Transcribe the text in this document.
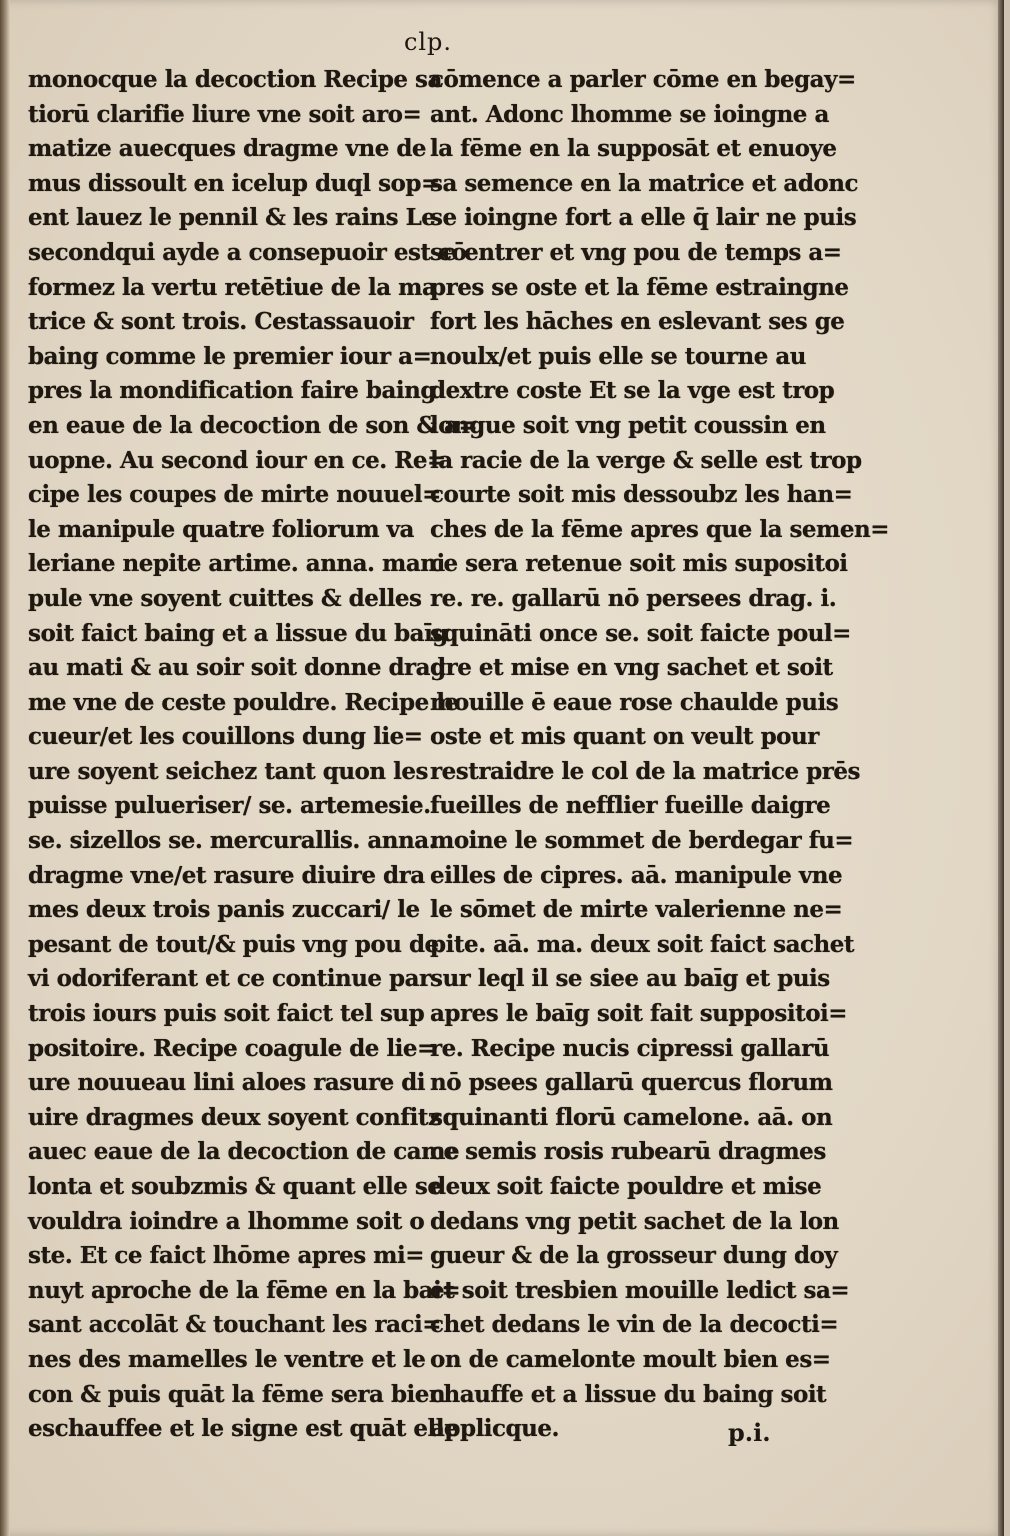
clp.
monocque la decoction Recipe sa
tiorū clarifie liure vne soit aro=
matize auecques dragme vne de
mus dissoult en icelup duql sop=
ent lauez le pennil & les rains Le
secondqui ayde a consepuoir est cō
formez la vertu retētiue de la ma
trice & sont trois. Cestassauoir
baing comme le premier iour a=
pres la mondification faire baing
en eaue de la decoction de son & a=
uopne. Au second iour en ce. Re=
cipe les coupes de mirte nouuel=
le manipule quatre foliorum va
leriane nepite artime. anna. mani
pule vne soyent cuittes & delles
soit faict baing et a lissue du baīg
au mati & au soir soit donne drag
me vne de ceste pouldre. Recipe le
cueur/et les couillons dung lie=
ure soyent seichez tant quon les
puisse pulueriser/ se. artemesie.
se. sizellos se. mercurallis. anna.
dragme vne/et rasure diuire dra
mes deux trois panis zuccari/ le
pesant de tout/& puis vng pou de
vi odoriferant et ce continue par
trois iours puis soit faict tel sup
positoire. Recipe coagule de lie=
ure nouueau lini aloes rasure di
uire dragmes deux soyent confitz
auec eaue de la decoction de came
lonta et soubzmis & quant elle se
vouldra ioindre a lhomme soit o
ste. Et ce faict lhōme apres mi=
nuyt aproche de la fēme en la bai=
sant accolāt & touchant les raci=
nes des mamelles le ventre et le
con & puis quāt la fēme sera bien
eschauffee et le signe est quāt elle
cōmence a parler cōme en begay=
ant. Adonc lhomme se ioingne a
la fēme en la supposāt et enuoye
sa semence en la matrice et adonc
se ioingne fort a elle q̄ lair ne puis
se entrer et vng pou de temps a=
pres se oste et la fēme estraingne
fort les hāches en eslevant ses ge
noulx/et puis elle se tourne au
dextre coste Et se la vge est trop
longue soit vng petit coussin en
la racie de la verge & selle est trop
courte soit mis dessoubz les han=
ches de la fēme apres que la semen=
ce sera retenue soit mis supositoi
re. re. gallarū nō persees drag. i.
squināti once se. soit faicte poul=
dre et mise en vng sachet et soit
mouille ē eaue rose chaulde puis
oste et mis quant on veult pour
restraidre le col de la matrice prēs
fueilles de nefflier fueille daigre
moine le sommet de berdegar fu=
eilles de cipres. aā. manipule vne
le sōmet de mirte valerienne ne=
pite. aā. ma. deux soit faict sachet
sur leql il se siee au baīg et puis
apres le baīg soit fait suppositoi=
re. Recipe nucis cipressi gallarū
nō psees gallarū quercus florum
squinanti florū camelone. aā. on
ce semis rosis rubearū dragmes
deux soit faicte pouldre et mise
dedans vng petit sachet de la lon
gueur & de la grosseur dung doy
et soit tresbien mouille ledict sa=
chet dedans le vin de la decocti=
on de camelonte moult bien es=
chauffe et a lissue du baing soit
applicque.	p.i.
